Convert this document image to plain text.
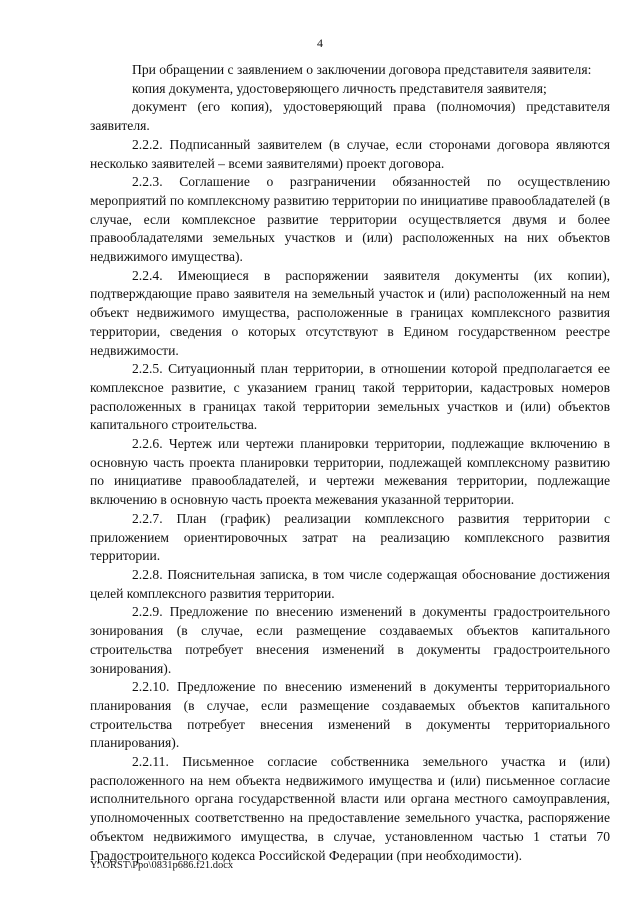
4

При обращении с заявлением о заключении договора представителя заявителя:

копия документа, удостоверяющего личность представителя заявителя;

документ (его копия), удостоверяющий права (полномочия) представителя заявителя.

2.2.2. Подписанный заявителем (в случае, если сторонами договора являются несколько заявителей – всеми заявителями) проект договора.

2.2.3. Соглашение о разграничении обязанностей по осуществлению мероприятий по комплексному развитию территории по инициативе правообладателей (в случае, если комплексное развитие территории осуществляется двумя и более правообладателями земельных участков и (или) расположенных на них объектов недвижимого имущества).

2.2.4. Имеющиеся в распоряжении заявителя документы (их копии), подтверждающие право заявителя на земельный участок и (или) расположенный на нем объект недвижимого имущества, расположенные в границах комплексного развития территории, сведения о которых отсутствуют в Едином государственном реестре недвижимости.

2.2.5. Ситуационный план территории, в отношении которой предполагается ее комплексное развитие, с указанием границ такой территории, кадастровых номеров расположенных в границах такой территории земельных участков и (или) объектов капитального строительства.

2.2.6. Чертеж или чертежи планировки территории, подлежащие включению в основную часть проекта планировки территории, подлежащей комплексному развитию по инициативе правообладателей, и чертежи межевания территории, подлежащие включению в основную часть проекта межевания указанной территории.

2.2.7. План (график) реализации комплексного развития территории с приложением ориентировочных затрат на реализацию комплексного развития территории.

2.2.8. Пояснительная записка, в том числе содержащая обоснование достижения целей комплексного развития территории.

2.2.9. Предложение по внесению изменений в документы градостроительного зонирования (в случае, если размещение создаваемых объектов капитального строительства потребует внесения изменений в документы градостроительного зонирования).

2.2.10. Предложение по внесению изменений в документы территориального планирования (в случае, если размещение создаваемых объектов капитального строительства потребует внесения изменений в документы территориального планирования).

2.2.11. Письменное согласие собственника земельного участка и (или) расположенного на нем объекта недвижимого имущества и (или) письменное согласие исполнительного органа государственной власти или органа местного самоуправления, уполномоченных соответственно на предоставление земельного участка, распоряжение объектом недвижимого имущества, в случае, установленном частью 1 статьи 70 Градостроительного кодекса Российской Федерации (при необходимости).

Y:\ORST\Ppo\0831p686.f21.docx
